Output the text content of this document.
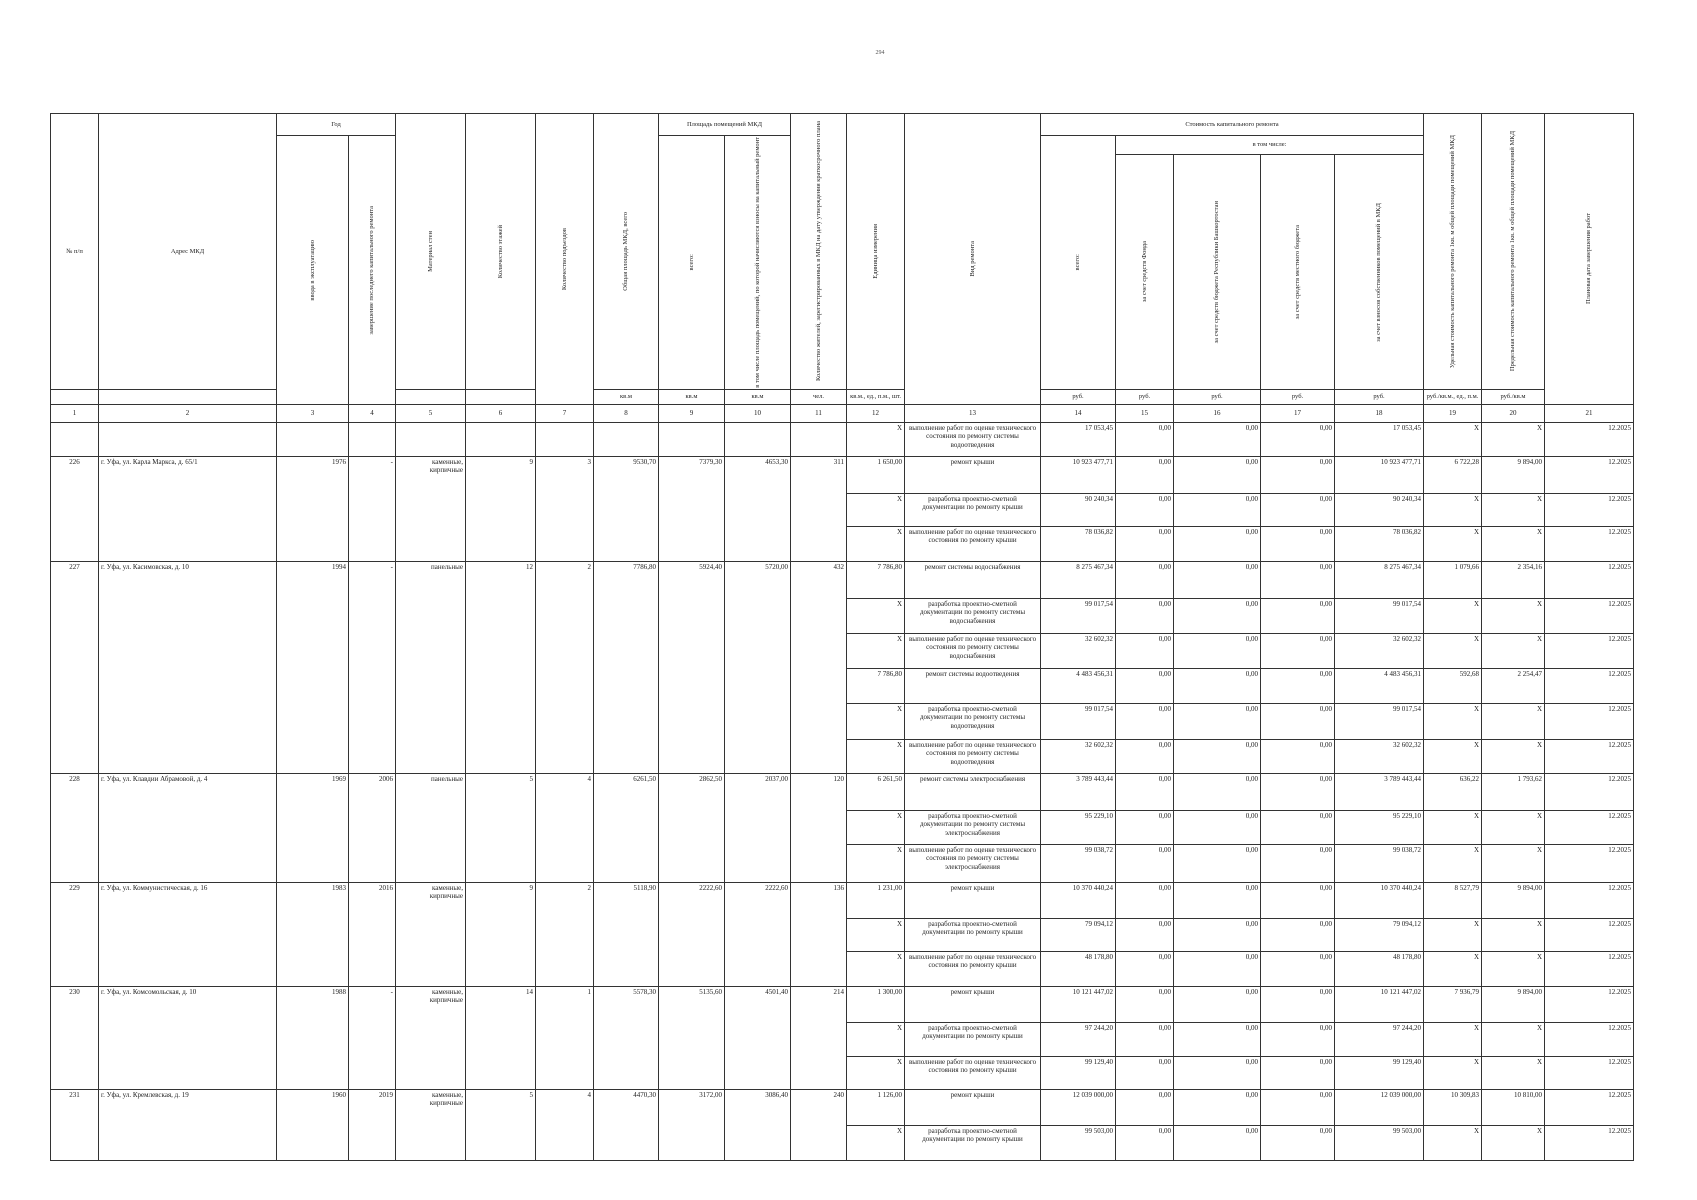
294
№ п/п	Адрес МКД	Год		Материал стен	Количество этажей	Количество подъездов	Общая площадь МКД, всего	Площадь помещений МКД		Количество жителей, зарегистрированных в МКД на дату утверждения краткосрочного плана	Единица измерения	Вид ремонта	Стоимость капитального ремонта					Удельная стоимость капитального ремонта 1кв. м общей площади помещений МКД	Предельная стоимость капитального ремонта 1кв. м общей площади помещений МКД	Плановая дата завершения работ

		ввода в эксплуатацию	завершение последнего капитального ремонта					всего:	в том числе площадь помещений, по которой начисляются взносы на капитальный ремонт				всего:	в том числе:						

														за счет средств Фонда	за счет средств бюджета Республики Башкортостан	за счет средств местного бюджета	за счет взносов собственников помещений в МКД			

							кв.м	кв.м	кв.м	чел.	кв.м., ед., п.м., шт.		руб.	руб.	руб.	руб.	руб.	руб./кв.м., ед., п.м.	руб./кв.м	
1	2	3	4	5	6	7	8	9	10	11	12	13	14	15	16	17	18	19	20	21
											X	выполнение работ по оценке технического состояния по ремонту системы водоотведения	17 053,45	0,00	0,00	0,00	17 053,45	X	X	12.2025
226	г. Уфа, ул. Карла Маркса, д. 65/1	1976	-	каменные, кирпичные	9	3	9530,70	7379,30	4653,30	311	1 650,00	ремонт крыши	10 923 477,71	0,00	0,00	0,00	10 923 477,71	6 722,28	9 894,00	12.2025
											X	разработка проектно-сметной документации по ремонту крыши	90 240,34	0,00	0,00	0,00	90 240,34	X	X	12.2025
											X	выполнение работ по оценке технического состояния по ремонту крыши	78 036,82	0,00	0,00	0,00	78 036,82	X	X	12.2025
227	г. Уфа, ул. Касимовская, д. 10	1994	-	панельные	12	2	7786,80	5924,40	5720,00	432	7 786,80	ремонт системы водоснабжения	8 275 467,34	0,00	0,00	0,00	8 275 467,34	1 079,66	2 354,16	12.2025
											X	разработка проектно-сметной документации по ремонту системы водоснабжения	99 017,54	0,00	0,00	0,00	99 017,54	X	X	12.2025
											X	выполнение работ по оценке технического состояния по ремонту системы водоснабжения	32 602,32	0,00	0,00	0,00	32 602,32	X	X	12.2025
											7 786,80	ремонт системы водоотведения	4 483 456,31	0,00	0,00	0,00	4 483 456,31	592,68	2 254,47	12.2025
											X	разработка проектно-сметной документации по ремонту системы водоотведения	99 017,54	0,00	0,00	0,00	99 017,54	X	X	12.2025
											X	выполнение работ по оценке технического состояния по ремонту системы водоотведения	32 602,32	0,00	0,00	0,00	32 602,32	X	X	12.2025
228	г. Уфа, ул. Клавдии Абрамовой, д. 4	1969	2006	панельные	5	4	6261,50	2862,50	2037,00	120	6 261,50	ремонт системы электроснабжения	3 789 443,44	0,00	0,00	0,00	3 789 443,44	636,22	1 793,62	12.2025
											X	разработка проектно-сметной документации по ремонту системы электроснабжения	95 229,10	0,00	0,00	0,00	95 229,10	X	X	12.2025
											X	выполнение работ по оценке технического состояния по ремонту системы электроснабжения	99 038,72	0,00	0,00	0,00	99 038,72	X	X	12.2025
229	г. Уфа, ул. Коммунистическая, д. 16	1983	2016	каменные, кирпичные	9	2	5118,90	2222,60	2222,60	136	1 231,00	ремонт крыши	10 370 440,24	0,00	0,00	0,00	10 370 440,24	8 527,79	9 894,00	12.2025
											X	разработка проектно-сметной документации по ремонту крыши	79 094,12	0,00	0,00	0,00	79 094,12	X	X	12.2025
											X	выполнение работ по оценке технического состояния по ремонту крыши	48 178,80	0,00	0,00	0,00	48 178,80	X	X	12.2025
230	г. Уфа, ул. Комсомольская, д. 10	1988	-	каменные, кирпичные	14	1	5578,30	5135,60	4501,40	214	1 300,00	ремонт крыши	10 121 447,02	0,00	0,00	0,00	10 121 447,02	7 936,79	9 894,00	12.2025
											X	разработка проектно-сметной документации по ремонту крыши	97 244,20	0,00	0,00	0,00	97 244,20	X	X	12.2025
											X	выполнение работ по оценке технического состояния по ремонту крыши	99 129,40	0,00	0,00	0,00	99 129,40	X	X	12.2025
231	г. Уфа, ул. Кремлевская, д. 19	1960	2019	каменные, кирпичные	5	4	4470,30	3172,00	3086,40	240	1 126,00	ремонт крыши	12 039 000,00	0,00	0,00	0,00	12 039 000,00	10 309,83	10 810,00	12.2025
											X	разработка проектно-сметной документации по ремонту крыши	99 503,00	0,00	0,00	0,00	99 503,00	X	X	12.2025
